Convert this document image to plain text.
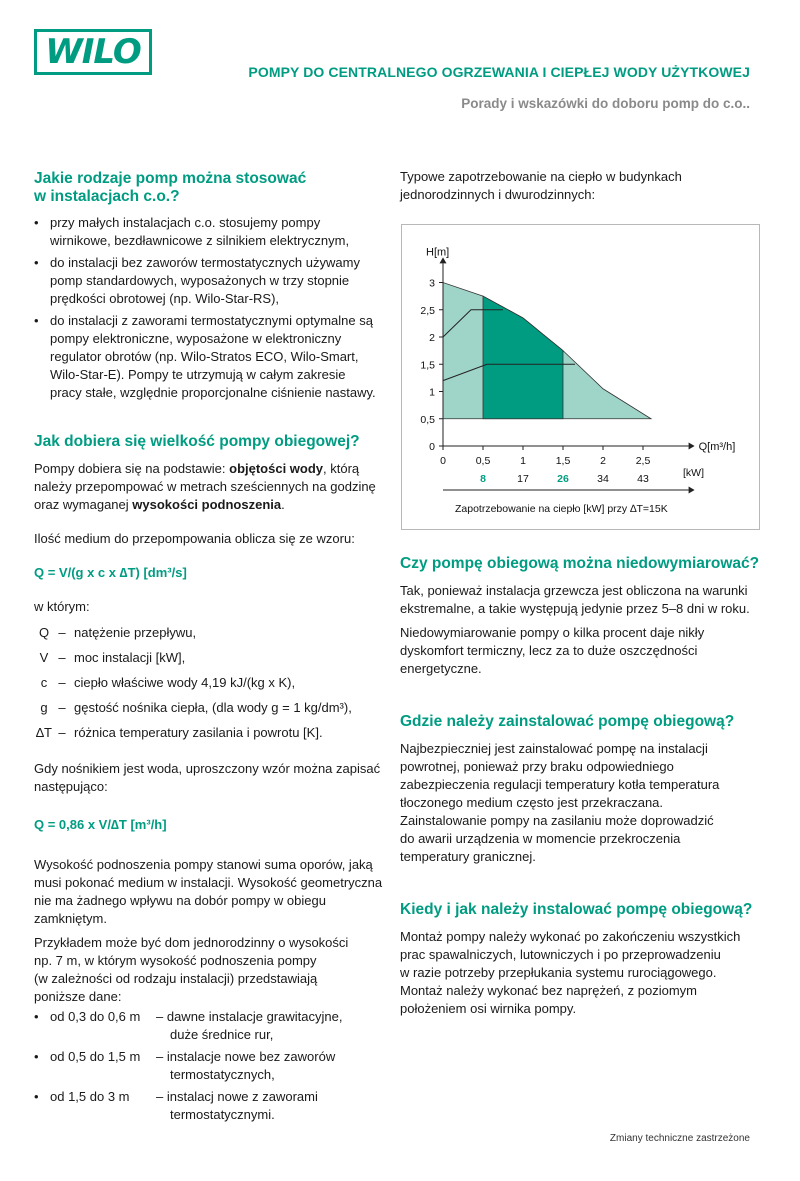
WILO	POMPY DO CENTRALNEGO OGRZEWANIA I CIEPŁEJ WODY UŻYTKOWEJ
Porady i wskazówki do doboru pomp do c.o..
Jakie rodzaje pomp można stosować
w instalacjach c.o.?
• przy małych instalacjach c.o. stosujemy pompy
wirnikowe, bezdławnicowe z silnikiem elektrycznym,
• do instalacji bez zaworów termostatycznych używamy
pomp standardowych, wyposażonych w trzy stopnie
prędkości obrotowej (np. Wilo-Star-RS),
• do instalacji z zaworami termostatycznymi optymalne są
pompy elektroniczne, wyposażone w elektroniczny
regulator obrotów (np. Wilo-Stratos ECO, Wilo-Smart,
Wilo-Star-E). Pompy te utrzymują w całym zakresie
pracy stałe, względnie proporcjonalne ciśnienie nastawy.
Jak dobiera się wielkość pompy obiegowej?

Pompy dobiera się na podstawie: objętości wody, którą
należy przepompować w metrach sześciennych na godzinę
oraz wymaganej wysokości podnoszenia.

Ilość medium do przepompowania oblicza się ze wzoru:

Q = V/(g x c x ∆T) [dm³/s]

w którym:

Q – natężenie przepływu,
V – moc instalacji [kW],
c – ciepło właściwe wody 4,19 kJ/(kg x K),
g – gęstość nośnika ciepła, (dla wody g = 1 kg/dm³),
∆T – różnica temperatury zasilania i powrotu [K].

Gdy nośnikiem jest woda, uproszczony wzór można zapisać
następująco:

Q = 0,86 x V/∆T [m³/h]

Wysokość podnoszenia pompy stanowi suma oporów, jaką
musi pokonać medium w instalacji. Wysokość geometryczna
nie ma żadnego wpływu na dobór pompy w obiegu
zamkniętym.

Przykładem może być dom jednorodzinny o wysokości
np. 7 m, w którym wysokość podnoszenia pompy
(w zależności od rodzaju instalacji) przedstawiają
poniższe dane:

• od 0,3 do 0,6 m	– dawne instalacje grawitacyjne,
duże średnice rur,
• od 0,5 do 1,5 m	– instalacje nowe bez zaworów
termostatycznych,
• od 1,5 do 3 m	– instalacj nowe z zaworami
termostatycznymi.

Typowe zapotrzebowanie na ciepło w budynkach
jednorodzinnych i dwurodzinnych:

0
0,5
1
1,5
2
2,5
3
0	0,5	1	1,5	2	2,5
H[m]
Q[m³/h]
8	17	26	34	43	[kW]
Zapotrzebowanie na ciepło [kW] przy ∆T=15K
Czy pompę obiegową można niedowymiarować?

Tak, ponieważ instalacja grzewcza jest obliczona na warunki
ekstremalne, a takie występują jedynie przez 5–8 dni w roku.

Niedowymiarowanie pompy o kilka procent daje nikły
dyskomfort termiczny, lecz za to duże oszczędności
energetyczne.

Gdzie należy zainstalować pompę obiegową?

Najbezpieczniej jest zainstalować pompę na instalacji
powrotnej, ponieważ przy braku odpowiedniego
zabezpieczenia regulacji temperatury kotła temperatura
tłoczonego medium często jest przekraczana.
Zainstalowanie pompy na zasilaniu może doprowadzić
do awarii urządzenia w momencie przekroczenia
temperatury granicznej.

Kiedy i jak należy instalować pompę obiegową?

Montaż pompy należy wykonać po zakończeniu wszystkich
prac spawalniczych, lutowniczych i po przeprowadzeniu
w razie potrzeby przepłukania systemu rurociągowego.
Montaż należy wykonać bez naprężeń, z poziomym
położeniem osi wirnika pompy.

Zmiany techniczne zastrzeżone
